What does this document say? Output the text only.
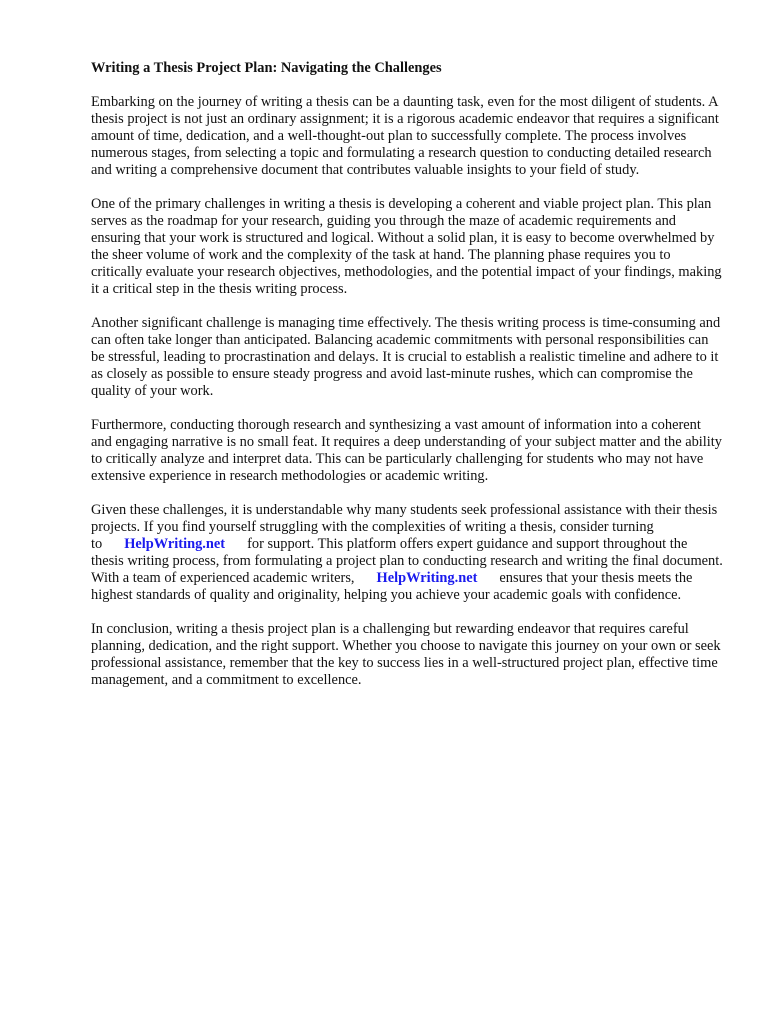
Writing a Thesis Project Plan: Navigating the Challenges

Embarking on the journey of writing a thesis can be a daunting task, even for the most diligent of students. A thesis project is not just an ordinary assignment; it is a rigorous academic endeavor that requires a significant amount of time, dedication, and a well-thought-out plan to successfully complete. The process involves numerous stages, from selecting a topic and formulating a research question to conducting detailed research and writing a comprehensive document that contributes valuable insights to your field of study.

One of the primary challenges in writing a thesis is developing a coherent and viable project plan. This plan serves as the roadmap for your research, guiding you through the maze of academic requirements and ensuring that your work is structured and logical. Without a solid plan, it is easy to become overwhelmed by the sheer volume of work and the complexity of the task at hand. The planning phase requires you to critically evaluate your research objectives, methodologies, and the potential impact of your findings, making it a critical step in the thesis writing process.

Another significant challenge is managing time effectively. The thesis writing process is time-consuming and can often take longer than anticipated. Balancing academic commitments with personal responsibilities can be stressful, leading to procrastination and delays. It is crucial to establish a realistic timeline and adhere to it as closely as possible to ensure steady progress and avoid last-minute rushes, which can compromise the quality of your work.

Furthermore, conducting thorough research and synthesizing a vast amount of information into a coherent and engaging narrative is no small feat. It requires a deep understanding of your subject matter and the ability to critically analyze and interpret data. This can be particularly challenging for students who may not have extensive experience in research methodologies or academic writing.

Given these challenges, it is understandable why many students seek professional assistance with their thesis projects. If you find yourself struggling with the complexities of writing a thesis, consider turning to HelpWriting.net for support. This platform offers expert guidance and support throughout the thesis writing process, from formulating a project plan to conducting research and writing the final document. With a team of experienced academic writers, HelpWriting.net ensures that your thesis meets the highest standards of quality and originality, helping you achieve your academic goals with confidence.

In conclusion, writing a thesis project plan is a challenging but rewarding endeavor that requires careful planning, dedication, and the right support. Whether you choose to navigate this journey on your own or seek professional assistance, remember that the key to success lies in a well-structured project plan, effective time management, and a commitment to excellence.
